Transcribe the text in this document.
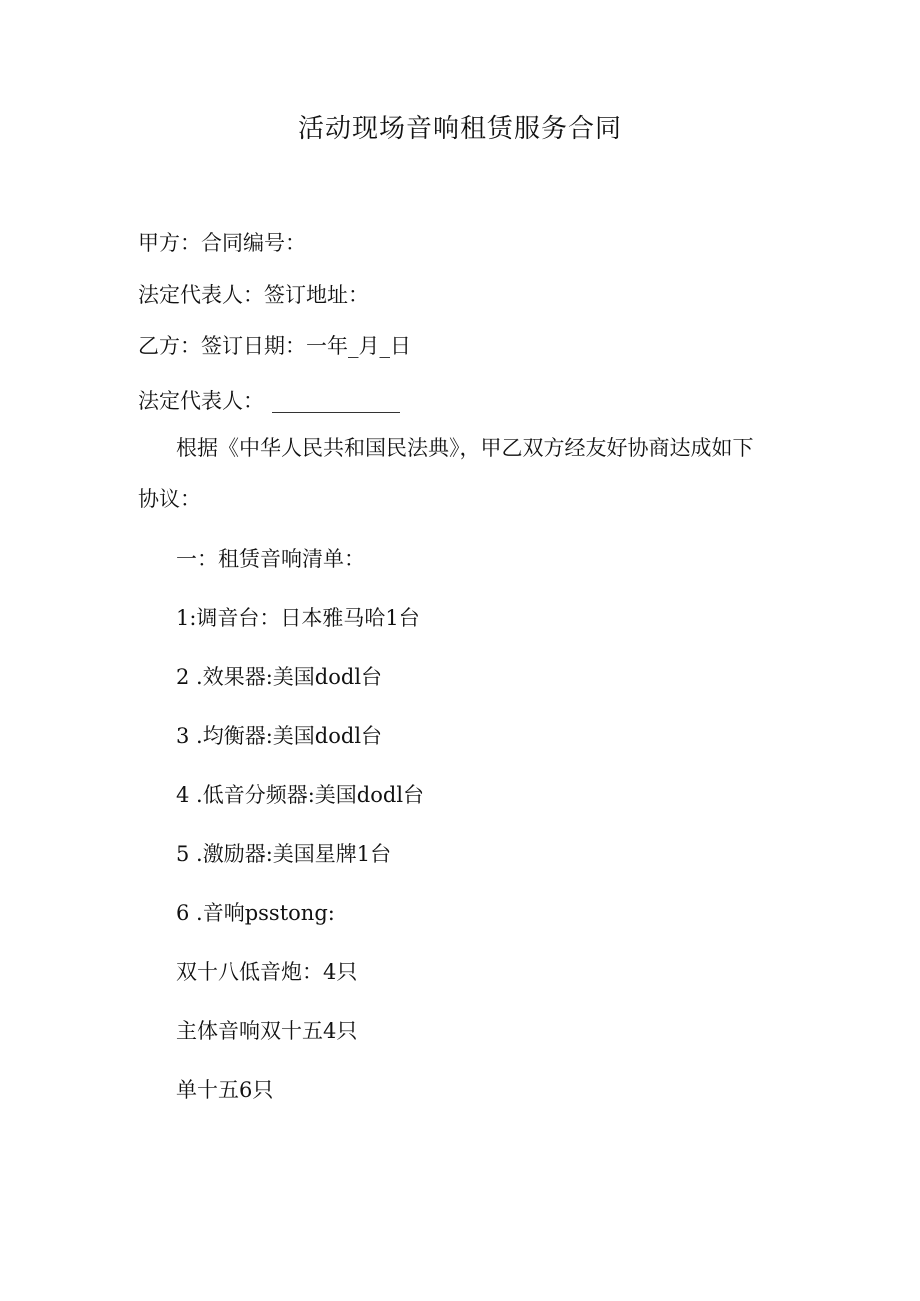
活动现场音响租赁服务合同
甲方：合同编号：
法定代表人：签订地址：
乙方：签订日期：一年_月_日
法定代表人：
根据《中华人民共和国民法典》，甲乙双方经友好协商达成如下
协议：
一：租赁音响清单：
1:调音台：日本雅马哈1台
2 .效果器:美国dodl台
3 .均衡器:美国dodl台
4 .低音分频器:美国dodl台
5 .激励器:美国星牌1台
6 .音响psstong:
双十八低音炮：4只
主体音响双十五4只
单十五6只
